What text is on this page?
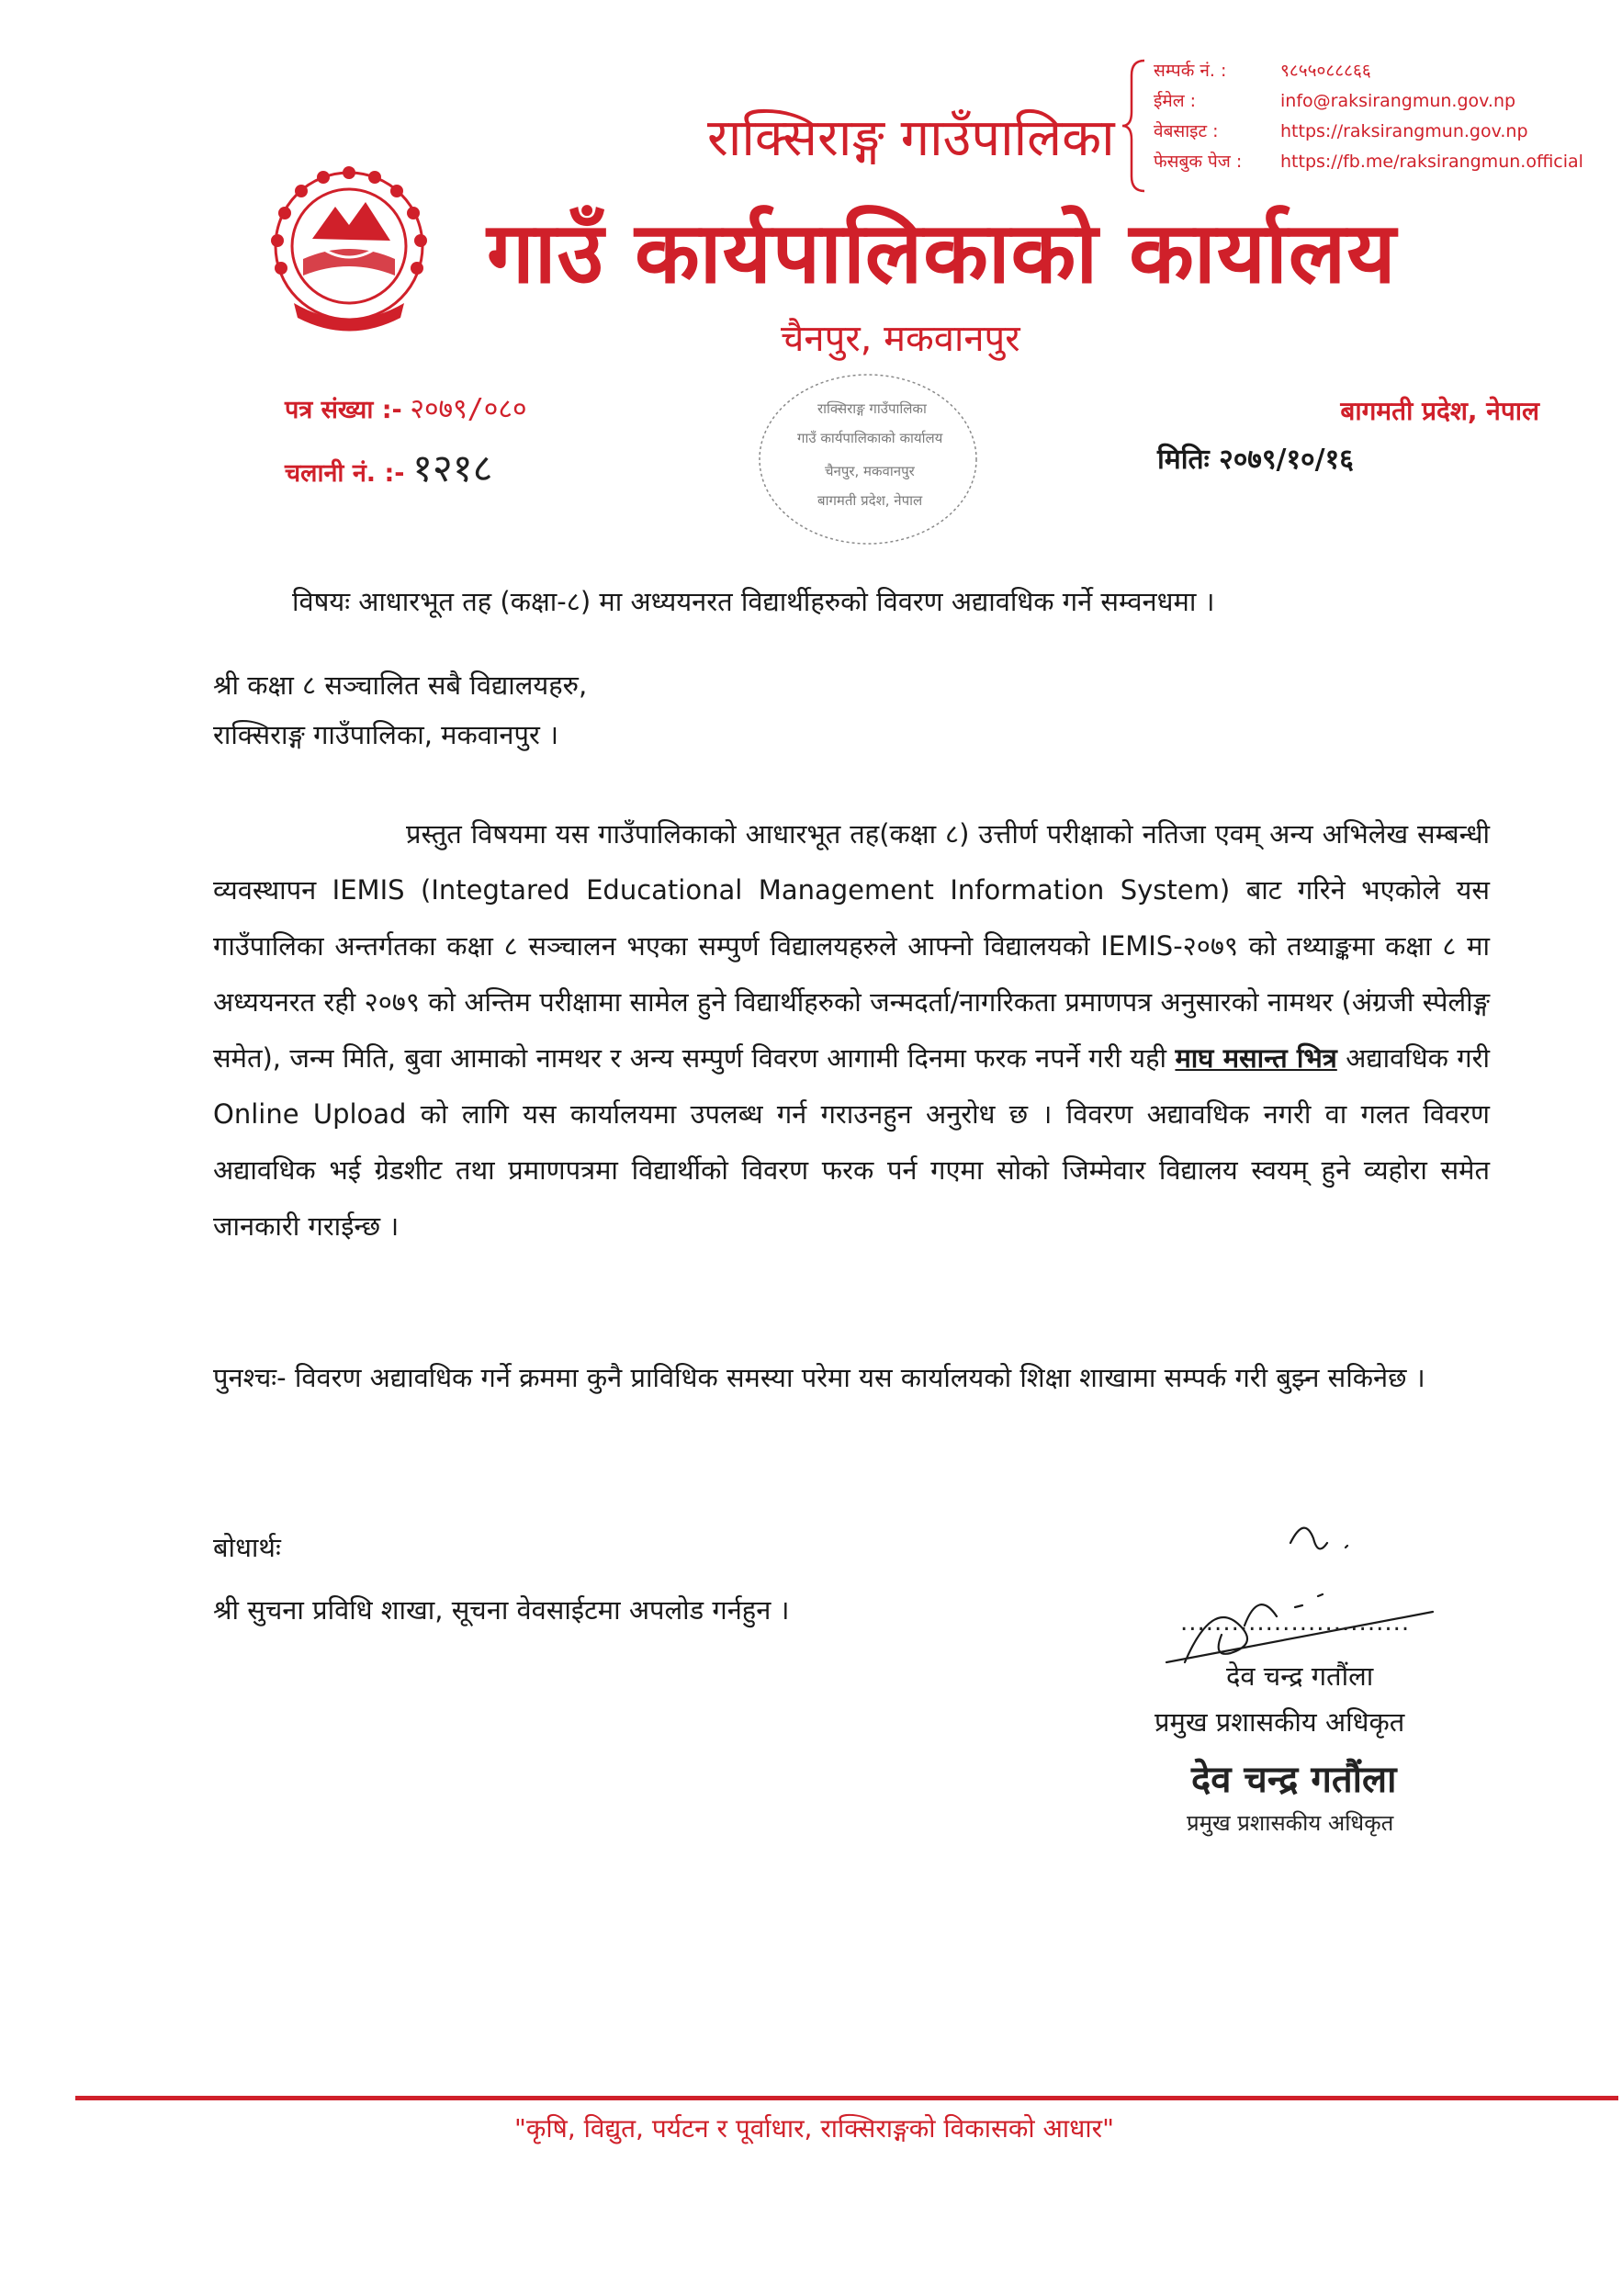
राक्सिराङ्ग गाउँपालिका
गाउँ कार्यपालिकाको कार्यालय
चैनपुर, मकवानपुर
सम्पर्क नं. :	९८५५०८८८६६
ईमेल :	info@raksirangmun.gov.np
वेबसाइट :	https://raksirangmun.gov.np
फेसबुक पेज : https://fb.me/raksirangmun.official
पत्र संख्या :- २०७९/०८०
चलानी नं. :- १२१८
राक्सिराङ्ग गाउँपालिका
गाउँ कार्यपालिकाको कार्यालय
चैनपुर, मकवानपुर
बागमती प्रदेश, नेपाल
बागमती प्रदेश, नेपाल
मितिः २०७९/१०/१६
विषयः आधारभूत तह (कक्षा-८) मा अध्ययनरत विद्यार्थीहरुको विवरण अद्यावधिक गर्ने सम्वनधमा ।
श्री कक्षा ८ सञ्चालित सबै विद्यालयहरु,
राक्सिराङ्ग गाउँपालिका, मकवानपुर ।
प्रस्तुत विषयमा यस गाउँपालिकाको आधारभूत तह(कक्षा ८) उत्तीर्ण परीक्षाको नतिजा एवम् अन्य अभिलेख सम्बन्धी व्यवस्थापन IEMIS (Integtared Educational Management Information System) बाट गरिने भएकोले यस गाउँपालिका अन्तर्गतका कक्षा ८ सञ्चालन भएका सम्पुर्ण विद्यालयहरुले आफ्नो विद्यालयको IEMIS-२०७९ को तथ्याङ्कमा कक्षा ८ मा अध्ययनरत रही २०७९ को अन्तिम परीक्षामा सामेल हुने विद्यार्थीहरुको जन्मदर्ता/नागरिकता प्रमाणपत्र अनुसारको नामथर (अंग्रजी स्पेलीङ्ग समेत), जन्म मिति, बुवा आमाको नामथर र अन्य सम्पुर्ण विवरण आगामी दिनमा फरक नपर्ने गरी यही माघ मसान्त भित्र अद्यावधिक गरी Online Upload को लागि यस कार्यालयमा उपलब्ध गर्न गराउनहुन अनुरोध छ । विवरण अद्यावधिक नगरी वा गलत विवरण अद्यावधिक भई ग्रेडशीट तथा प्रमाणपत्रमा विद्यार्थीको विवरण फरक पर्न गएमा सोको जिम्मेवार विद्यालय स्वयम् हुने व्यहोरा समेत जानकारी गराईन्छ ।
पुनश्चः- विवरण अद्यावधिक गर्ने क्रममा कुनै प्राविधिक समस्या परेमा यस कार्यालयको शिक्षा शाखामा सम्पर्क गरी बुझ्न सकिनेछ ।
बोधार्थः
श्री सुचना प्रविधि शाखा, सूचना वेवसाईटमा अपलोड गर्नहुन ।	...........................
देव चन्द्र गतौंला
प्रमुख प्रशासकीय अधिकृत
देव चन्द्र गतौंला
प्रमुख प्रशासकीय अधिकृत
"कृषि, विद्युत, पर्यटन र पूर्वाधार, राक्सिराङ्गको विकासको आधार"
